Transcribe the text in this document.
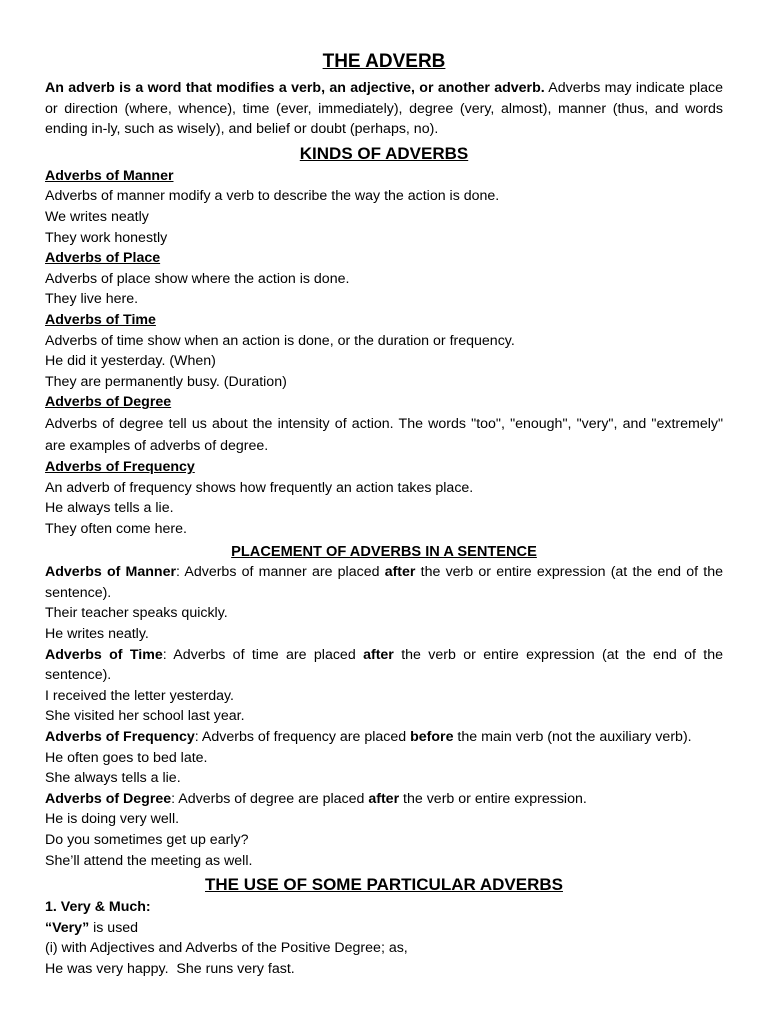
THE ADVERB

An adverb is a word that modifies a verb, an adjective, or another adverb. Adverbs may indicate place or direction (where, whence), time (ever, immediately), degree (very, almost), manner (thus, and words ending in-ly, such as wisely), and belief or doubt (perhaps, no).

KINDS OF ADVERBS

Adverbs of Manner

Adverbs of manner modify a verb to describe the way the action is done.

We writes neatly

They work honestly

Adverbs of Place

Adverbs of place show where the action is done.

They live here.

Adverbs of Time

Adverbs of time show when an action is done, or the duration or frequency.

He did it yesterday. (When)

They are permanently busy. (Duration)

Adverbs of Degree

Adverbs of degree tell us about the intensity of action. The words "too", "enough", "very", and "extremely" are examples of adverbs of degree.

Adverbs of Frequency

An adverb of frequency shows how frequently an action takes place.

He always tells a lie.

They often come here.

PLACEMENT OF ADVERBS IN A SENTENCE

Adverbs of Manner: Adverbs of manner are placed after the verb or entire expression (at the end of the sentence).

Their teacher speaks quickly.

He writes neatly.

Adverbs of Time: Adverbs of time are placed after the verb or entire expression (at the end of the sentence).

I received the letter yesterday.

She visited her school last year.

Adverbs of Frequency: Adverbs of frequency are placed before the main verb (not the auxiliary verb).

He often goes to bed late.

She always tells a lie.

Adverbs of Degree: Adverbs of degree are placed after the verb or entire expression.

He is doing very well.

Do you sometimes get up early?

She’ll attend the meeting as well.

THE USE OF SOME PARTICULAR ADVERBS

1. Very & Much:

“Very” is used

(i) with Adjectives and Adverbs of the Positive Degree; as,

He was very happy.  She runs very fast.
